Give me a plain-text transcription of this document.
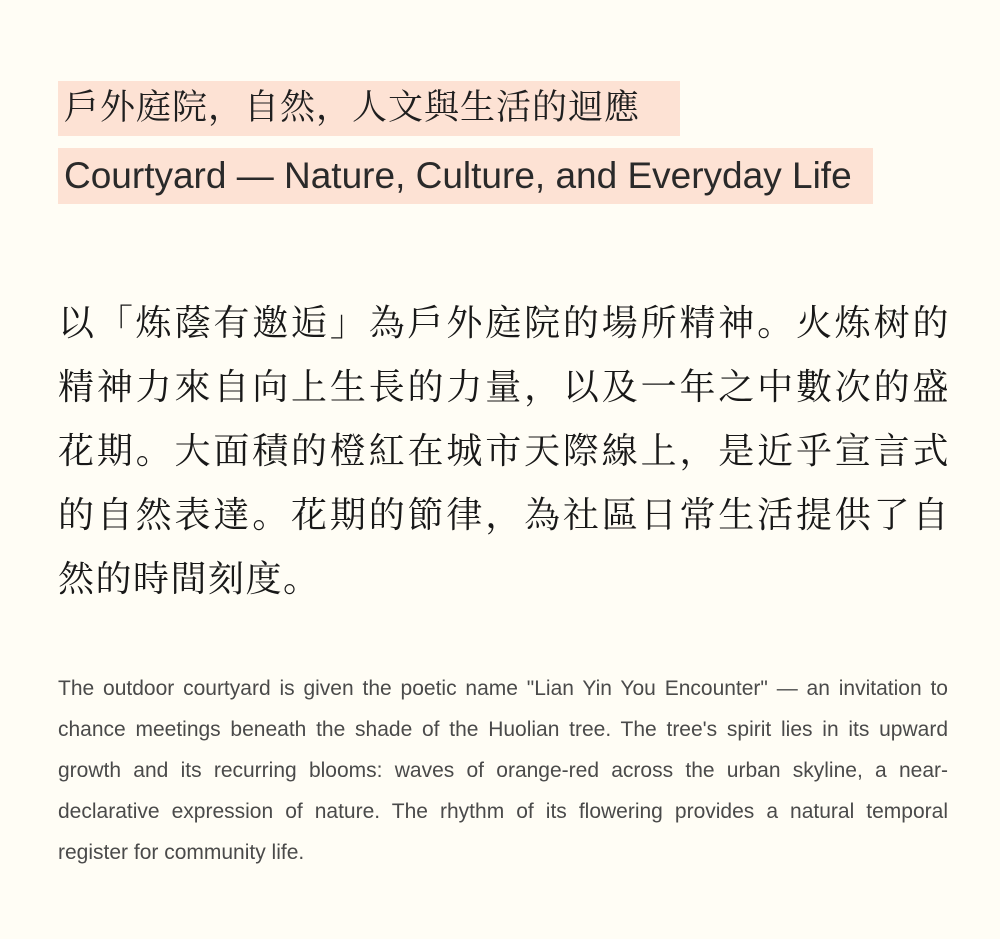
戶外庭院，自然，人文與生活的迴應
Courtyard — Nature, Culture, and Everyday Life
以「炼蔭有邀逅」為戶外庭院的場所精神。火炼树的精神力來自向上生長的力量，以及一年之中數次的盛花期。大面積的橙紅在城市天際線上，是近乎宣言式的自然表達。花期的節律，為社區日常生活提供了自然的時間刻度。
The outdoor courtyard is given the poetic name "Lian Yin You Encounter" — an invitation to chance meetings beneath the shade of the Huolian tree. The tree's spirit lies in its upward growth and its recurring blooms: waves of orange-red across the urban skyline, a near-declarative expression of nature. The rhythm of its flowering provides a natural temporal register for community life.
